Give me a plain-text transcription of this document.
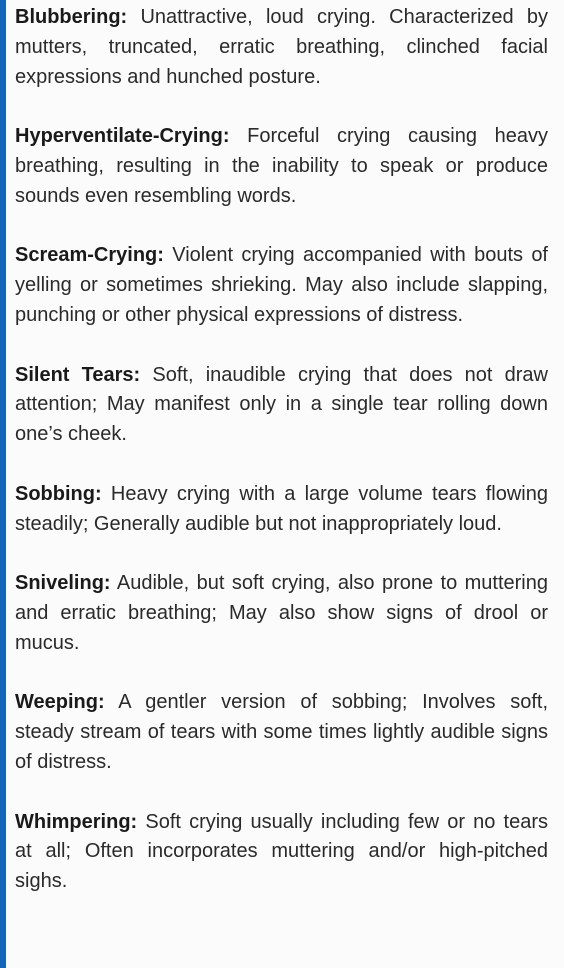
Blubbering: Unattractive, loud crying. Characterized by mutters, truncated, erratic breathing, clinched facial expressions and hunched posture.

Hyperventilate-Crying: Forceful crying causing heavy breathing, resulting in the inability to speak or produce sounds even resembling words.

Scream-Crying: Violent crying accompanied with bouts of yelling or sometimes shrieking. May also include slapping, punching or other physical expressions of distress.

Silent Tears: Soft, inaudible crying that does not draw attention; May manifest only in a single tear rolling down one’s cheek.

Sobbing: Heavy crying with a large volume tears flowing steadily; Generally audible but not inappropriately loud.

Sniveling: Audible, but soft crying, also prone to muttering and erratic breathing; May also show signs of drool or mucus.

Weeping: A gentler version of sobbing; Involves soft, steady stream of tears with some times lightly audible signs of distress.

Whimpering: Soft crying usually including few or no tears at all; Often incorporates muttering and/or high-pitched sighs.
